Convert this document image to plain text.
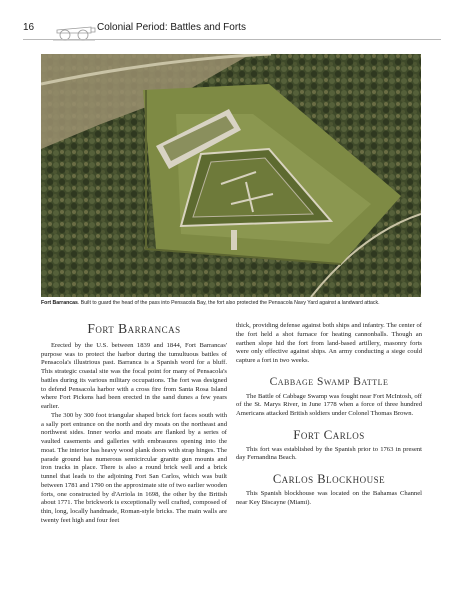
16	Colonial Period: Battles and Forts
Fort Barrancas. Built to guard the head of the pass into Pensacola Bay, the fort also protected the Pensacola Navy Yard against a landward attack.
Fort Barrancas

Erected by the U.S. between 1839 and 1844, Fort Barrancas' purpose was to protect the harbor during the tumultuous battles of Pensacola's illustrious past. Barranca is a Spanish word for a bluff. This strategic coastal site was the focal point for many of Pensacola's battles during its various military occupations. The fort was designed to defend Pensacola harbor with a cross fire from Santa Rosa Island where Fort Pickens had been erected in the sand dunes a few years earlier.

The 300 by 300 foot triangular shaped brick fort faces south with a sally port entrance on the north and dry moats on the northeast and northwest sides. Inner works and moats are flanked by a series of vaulted casements and galleries with embrasures opening into the moat. The interior has heavy wood plank doors with strap hinges. The parade ground has numerous semicircular granite gun mounts and iron tracks in place. There is also a round brick well and a brick tunnel that leads to the adjoining Fort San Carlos, which was built between 1781 and 1790 on the approximate site of two earlier wooden forts, one constructed by d'Arriola in 1698, the other by the British about 1771. The brickwork is exceptionally well crafted, composed of thin, long, locally handmade, Roman-style bricks. The main walls are twenty feet high and four feet

thick, providing defense against both ships and infantry. The center of the fort held a shot furnace for heating cannonballs. Though an earthen slope hid the fort from land-based artillery, masonry forts were only effective against ships. An army conducting a siege could capture a fort in two weeks.

Cabbage Swamp Battle

The Battle of Cabbage Swamp was fought near Fort McIntosh, off of the St. Marys River, in June 1778 when a force of three hundred Americans attacked British soldiers under Colonel Thomas Brown.

Fort Carlos

This fort was established by the Spanish prior to 1763 in present day Fernandina Beach.

Carlos Blockhouse

This Spanish blockhouse was located on the Bahamas Channel near Key Biscayne (Miami).
